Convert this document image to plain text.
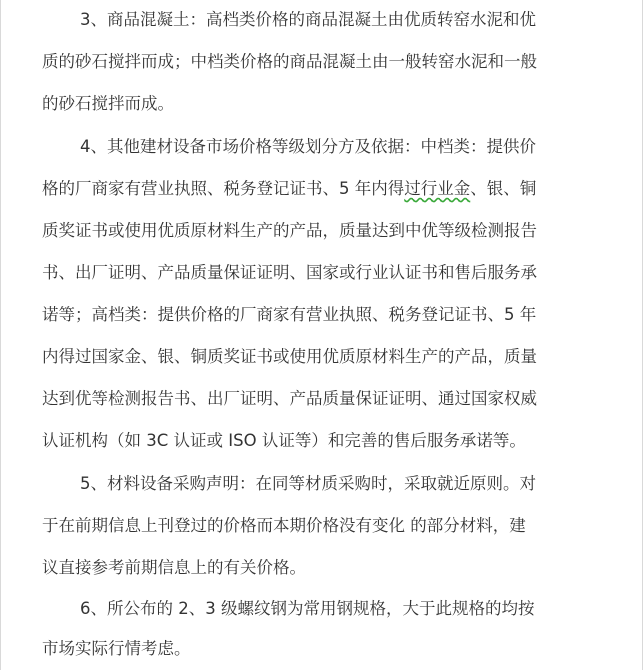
3、商品混凝土：高档类价格的商品混凝土由优质转窑水泥和优
质的砂石搅拌而成；中档类价格的商品混凝土由一般转窑水泥和一般
的砂石搅拌而成。
4、其他建材设备市场价格等级划分方及依据：中档类：提供价
格的厂商家有营业执照、税务登记证书、5 年内得过行业金、银、铜
质奖证书或使用优质原材料生产的产品，质量达到中优等级检测报告
书、出厂证明、产品质量保证证明、国家或行业认证书和售后服务承
诺等；高档类：提供价格的厂商家有营业执照、税务登记证书、5 年
内得过国家金、银、铜质奖证书或使用优质原材料生产的产品，质量
达到优等检测报告书、出厂证明、产品质量保证证明、通过国家权威
认证机构（如 3C 认证或 ISO 认证等）和完善的售后服务承诺等。
5、材料设备采购声明：在同等材质采购时，采取就近原则。对
于在前期信息上刊登过的价格而本期价格没有变化 的部分材料，建
议直接参考前期信息上的有关价格。
6、所公布的 2、3 级螺纹钢为常用钢规格，大于此规格的均按
市场实际行情考虑。
